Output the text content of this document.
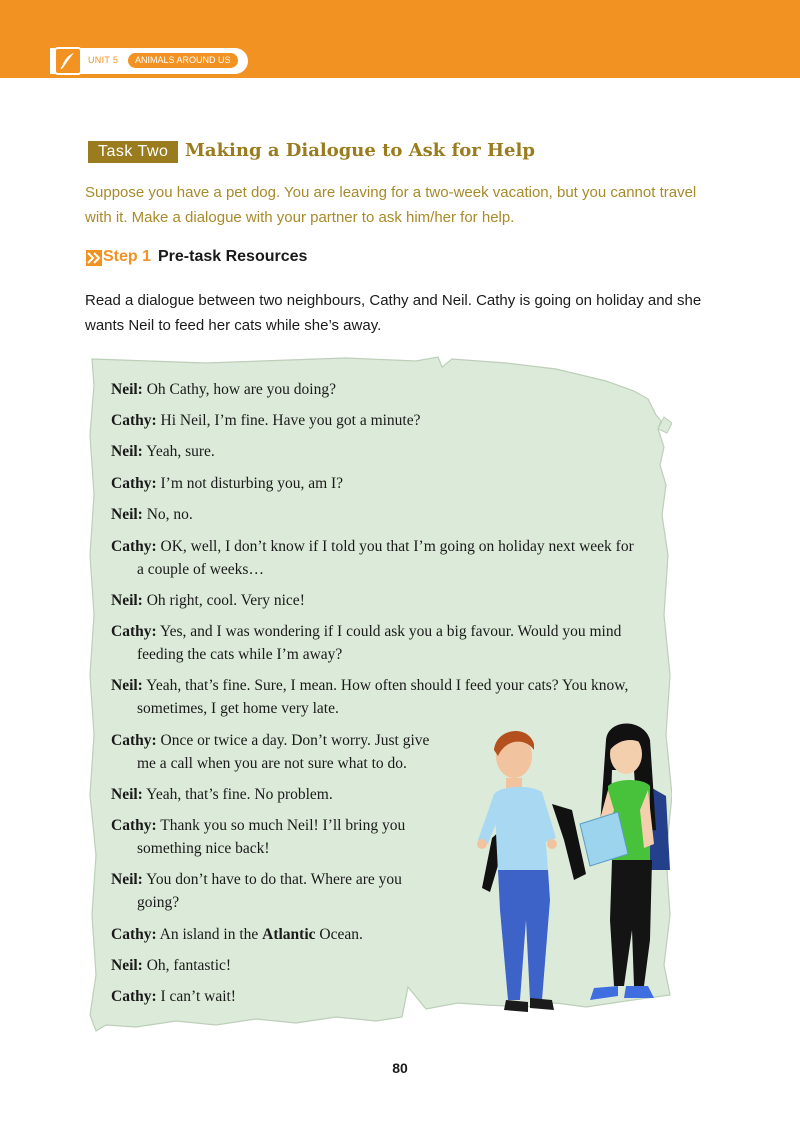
UNIT 5	ANIMALS AROUND US
Task Two Making a Dialogue to Ask for Help
Suppose you have a pet dog. You are leaving for a two-week vacation, but you cannot travel with it. Make a dialogue with your partner to ask him/her for help.
Step 1 Pre-task Resources
Read a dialogue between two neighbours, Cathy and Neil. Cathy is going on holiday and she wants Neil to feed her cats while she’s away.
Neil: Oh Cathy, how are you doing?
Cathy: Hi Neil, I’m fine. Have you got a minute?
Neil: Yeah, sure.
Cathy: I’m not disturbing you, am I?
Neil: No, no.
Cathy: OK, well, I don’t know if I told you that I’m going on holiday next week for
a couple of weeks…
Neil: Oh right, cool. Very nice!
Cathy: Yes, and I was wondering if I could ask you a big favour. Would you mind
feeding the cats while I’m away?
Neil: Yeah, that’s fine. Sure, I mean. How often should I feed your cats? You know,
sometimes, I get home very late.
Cathy: Once or twice a day. Don’t worry. Just give
me a call when you are not sure what to do.
Neil: Yeah, that’s fine. No problem.
Cathy: Thank you so much Neil! I’ll bring you
something nice back!
Neil: You don’t have to do that. Where are you
going?
Cathy: An island in the Atlantic Ocean.
Neil: Oh, fantastic!
Cathy: I can’t wait!
80
